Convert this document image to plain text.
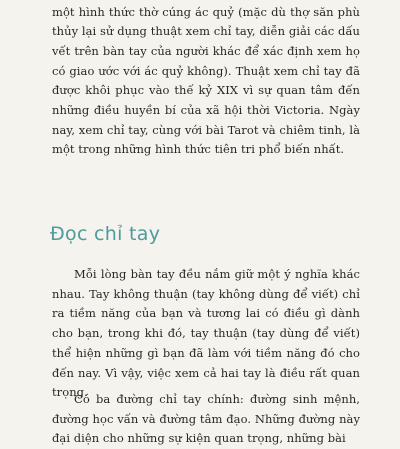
một hình thức thờ cúng ác quỷ (mặc dù thợ săn phù thủy lại sử dụng thuật xem chỉ tay, diễn giải các dấu vết trên bàn tay của người khác để xác định xem họ có giao ước với ác quỷ không). Thuật xem chỉ tay đã được khôi phục vào thế kỷ XIX vì sự quan tâm đến những điều huyền bí của xã hội thời Victoria. Ngày nay, xem chỉ tay, cùng với bài Tarot và chiêm tinh, là một trong những hình thức tiên tri phổ biến nhất.

Đọc chỉ tay

Mỗi lòng bàn tay đều nắm giữ một ý nghĩa khác nhau. Tay không thuận (tay không dùng để viết) chỉ ra tiềm năng của bạn và tương lai có điều gì dành cho bạn, trong khi đó, tay thuận (tay dùng để viết) thể hiện những gì bạn đã làm với tiềm năng đó cho đến nay. Vì vậy, việc xem cả hai tay là điều rất quan trọng.

Có ba đường chỉ tay chính: đường sinh mệnh, đường học vấn và đường tâm đạo. Những đường này đại diện cho những sự kiện quan trọng, những bài
